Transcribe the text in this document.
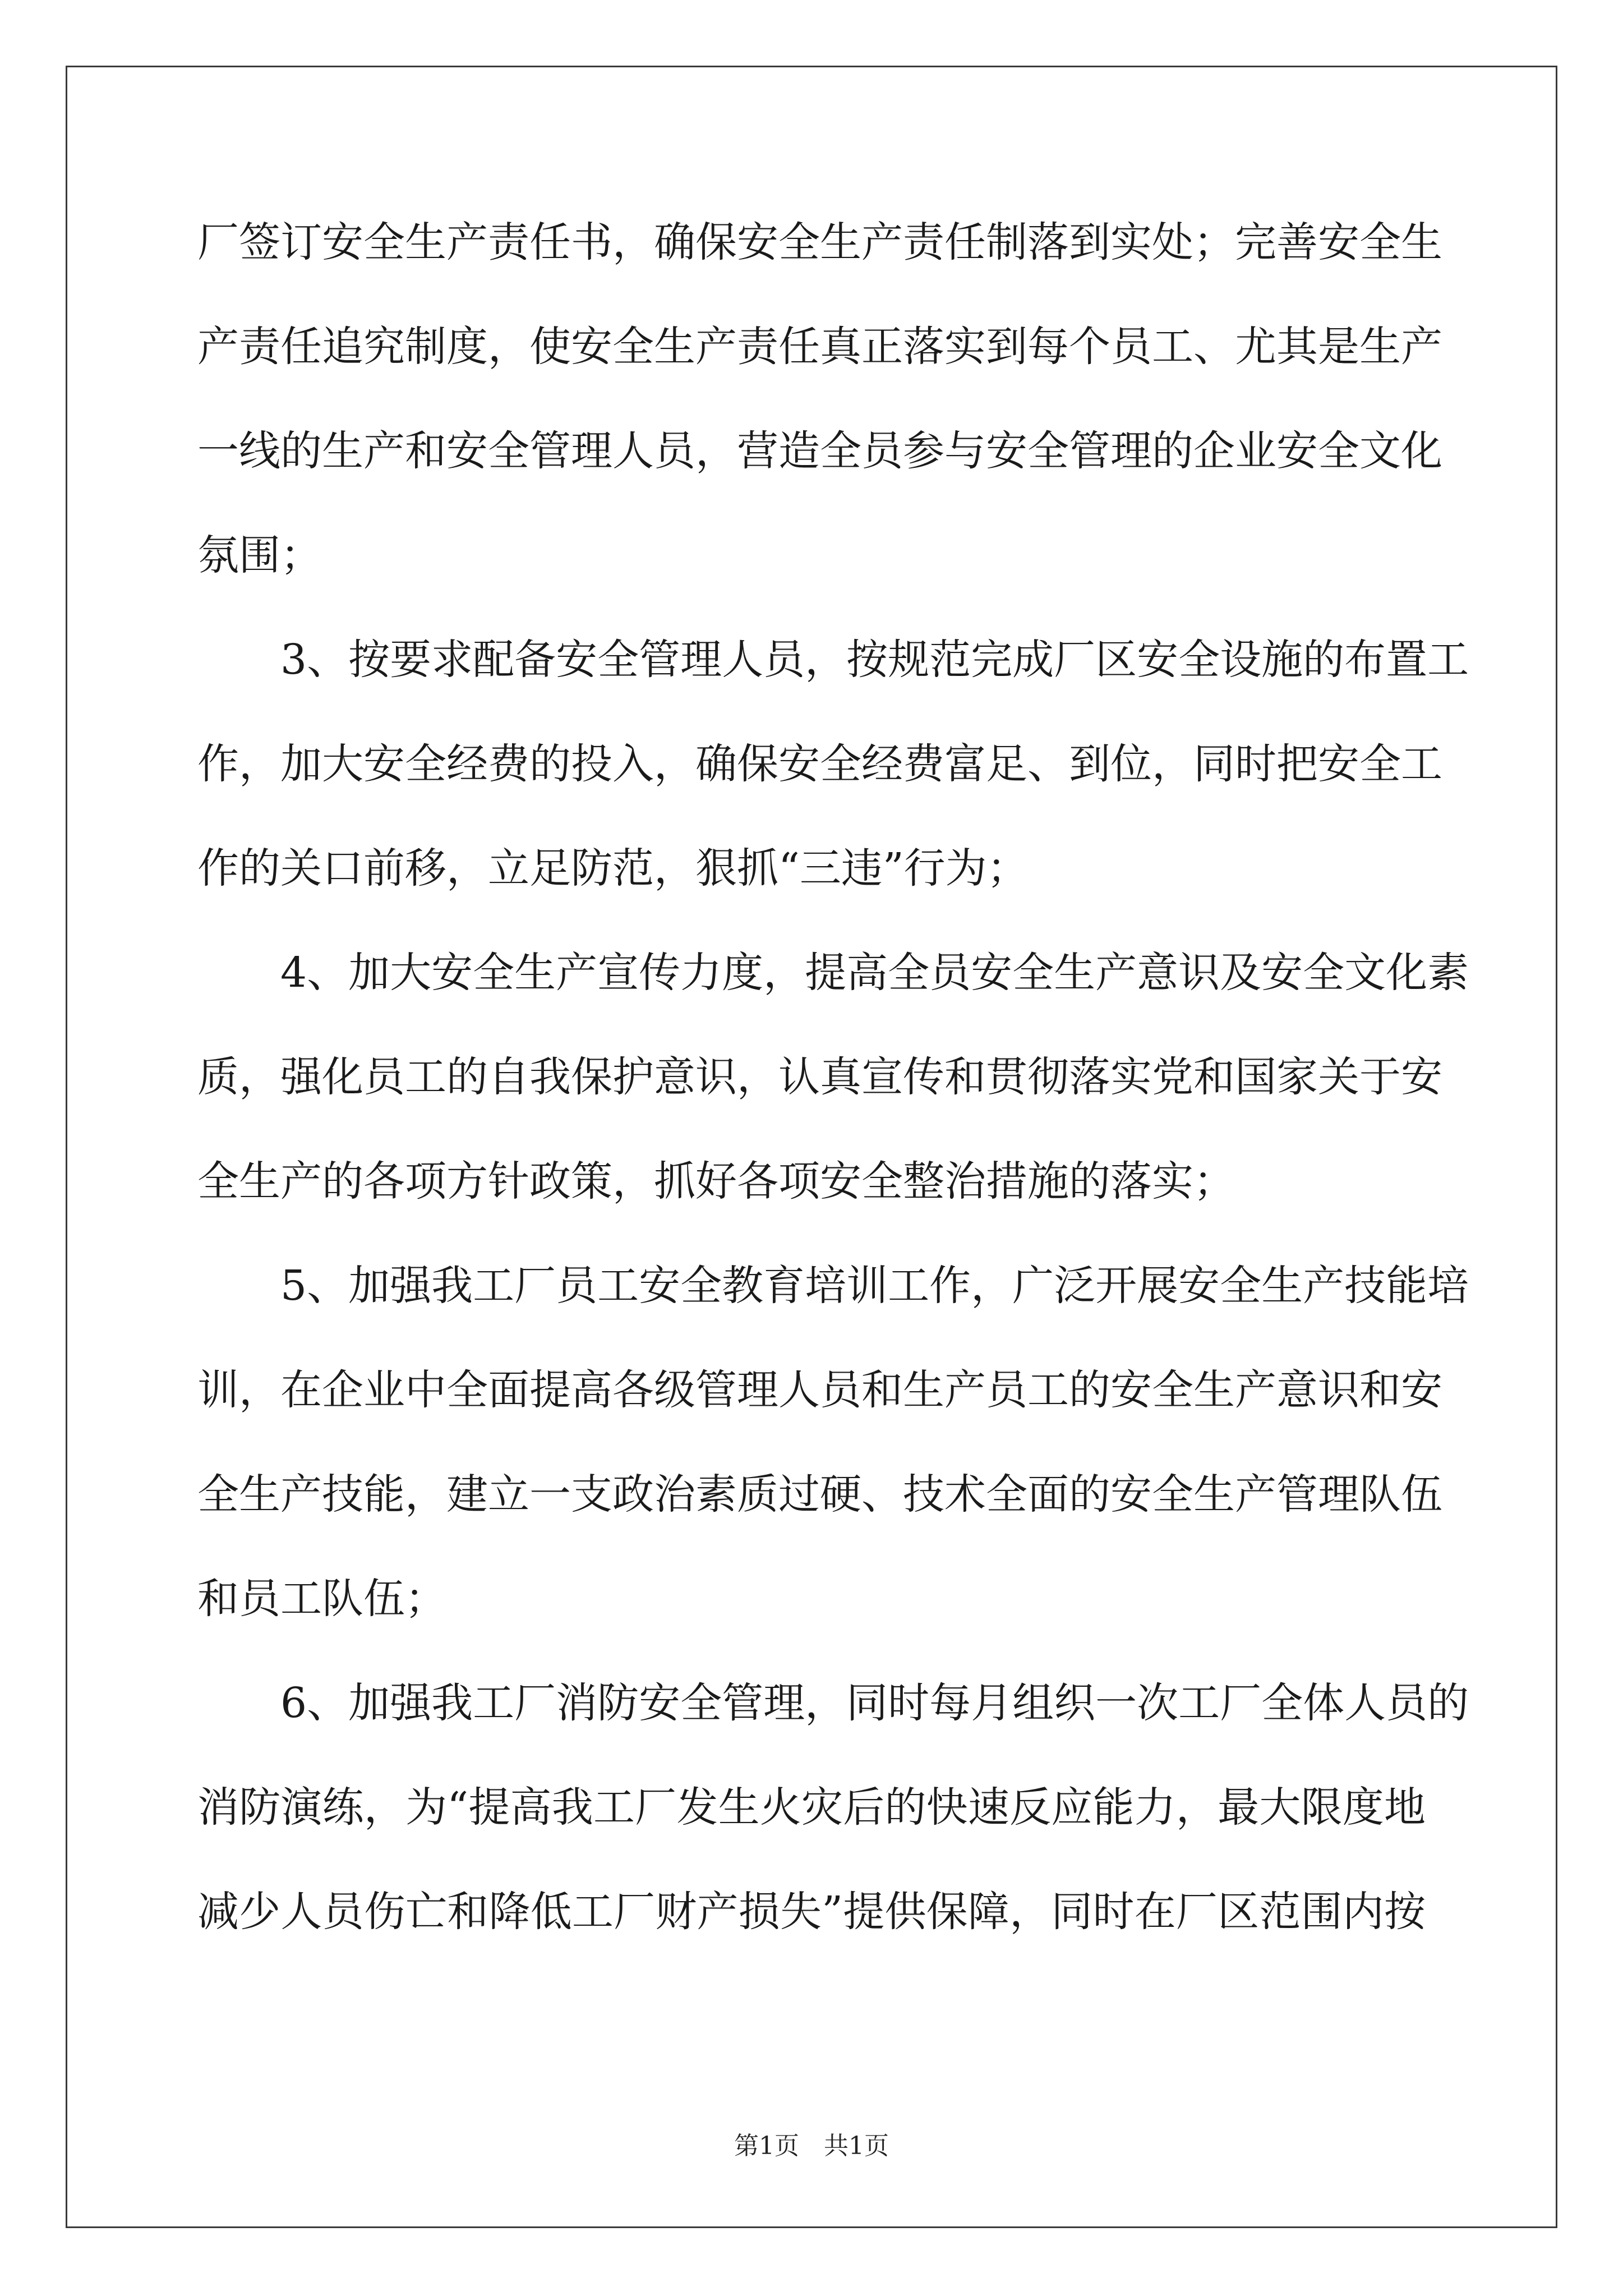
厂签订安全生产责任书，确保安全生产责任制落到实处；完善安全生
产责任追究制度，使安全生产责任真正落实到每个员工、尤其是生产
一线的生产和安全管理人员，营造全员参与安全管理的企业安全文化
氛围；
3、按要求配备安全管理人员，按规范完成厂区安全设施的布置工
作，加大安全经费的投入，确保安全经费富足、到位，同时把安全工
作的关口前移，立足防范，狠抓“三违”行为；
4、加大安全生产宣传力度，提高全员安全生产意识及安全文化素
质，强化员工的自我保护意识，认真宣传和贯彻落实党和国家关于安
全生产的各项方针政策，抓好各项安全整治措施的落实；
5、加强我工厂员工安全教育培训工作，广泛开展安全生产技能培
训，在企业中全面提高各级管理人员和生产员工的安全生产意识和安
全生产技能，建立一支政治素质过硬、技术全面的安全生产管理队伍
和员工队伍；
6、加强我工厂消防安全管理，同时每月组织一次工厂全体人员的
消防演练，为“提高我工厂发生火灾后的快速反应能力，最大限度地
减少人员伤亡和降低工厂财产损失”提供保障，同时在厂区范围内按
第1页　共1页
